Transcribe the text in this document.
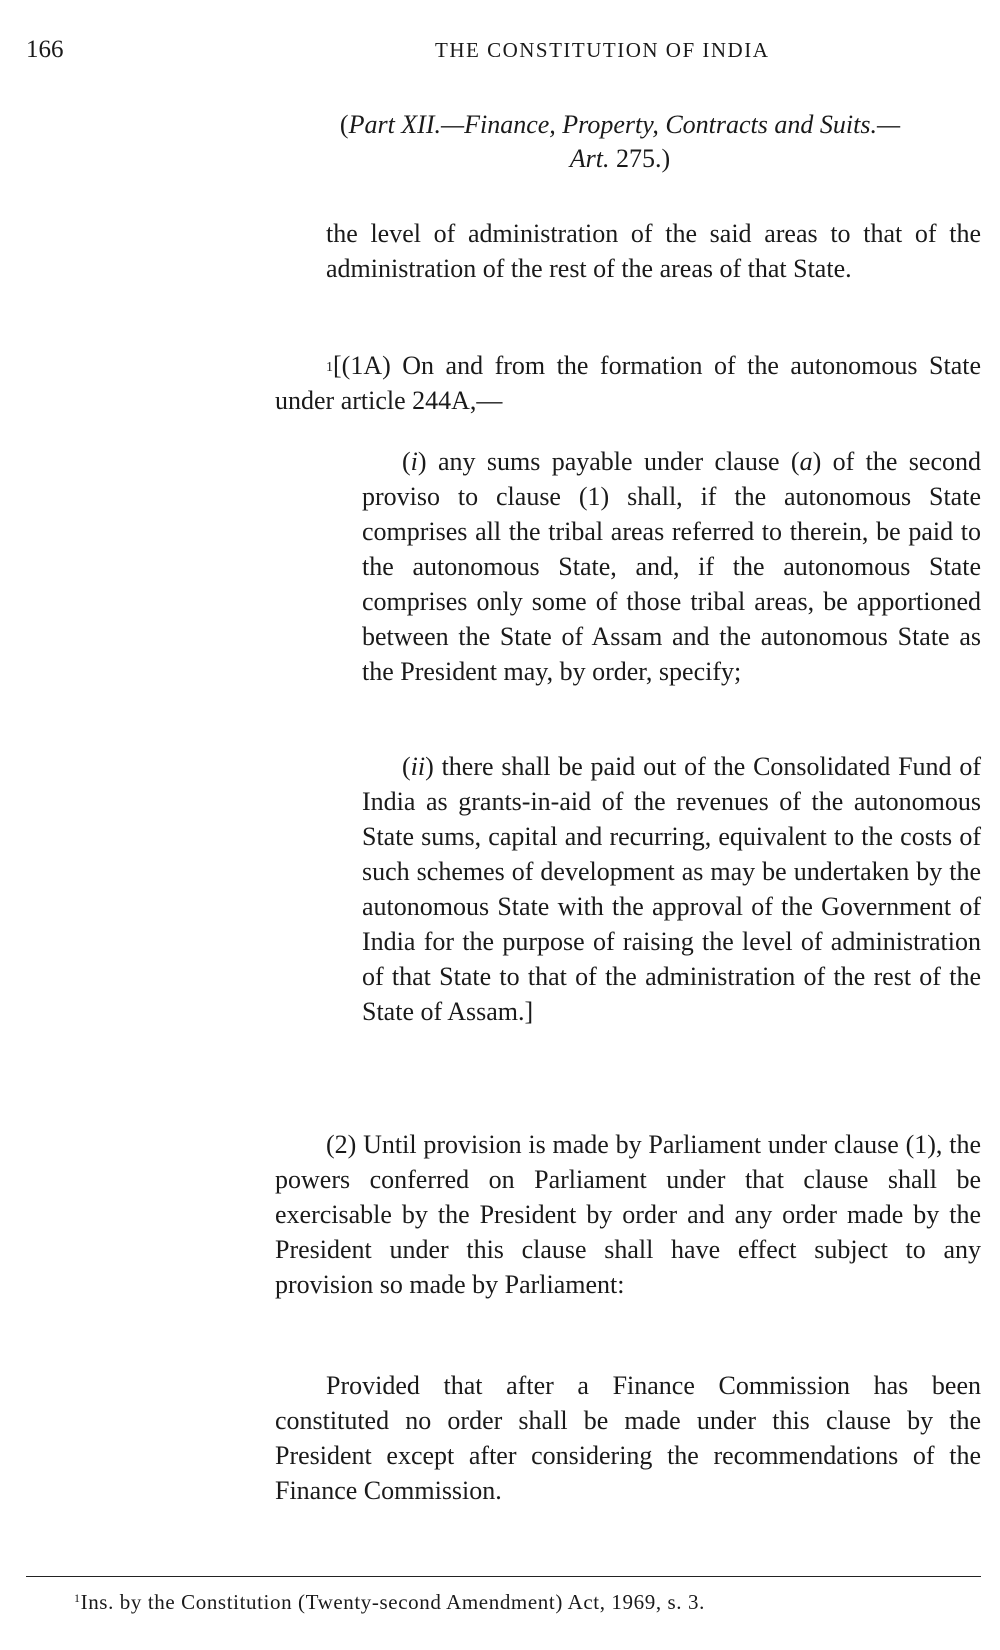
166	THE CONSTITUTION OF INDIA
(Part XII.—Finance, Property, Contracts and Suits.—
Art. 275.)

the level of administration of the said areas to that of the administration of the rest of the areas of that State.

$^1$[(1A) On and from the formation of the autonomous State under article 244A,—

(i) any sums payable under clause (a) of the second proviso to clause (1) shall, if the autonomous State comprises all the tribal areas referred to therein, be paid to the autonomous State, and, if the autonomous State comprises only some of those tribal areas, be apportioned between the State of Assam and the autonomous State as the President may, by order, specify;

(ii) there shall be paid out of the Consolidated Fund of India as grants-in-aid of the revenues of the autonomous State sums, capital and recurring, equivalent to the costs of such schemes of development as may be undertaken by the autonomous State with the approval of the Government of India for the purpose of raising the level of administration of that State to that of the administration of the rest of the State of Assam.]

(2) Until provision is made by Parliament under clause (1), the powers conferred on Parliament under that clause shall be exercisable by the President by order and any order made by the President under this clause shall have effect subject to any provision so made by Parliament:

Provided that after a Finance Commission has been constituted no order shall be made under this clause by the President except after considering the recommendations of the Finance Commission.

$^1$Ins. by the Constitution (Twenty-second Amendment) Act, 1969, s. 3.
